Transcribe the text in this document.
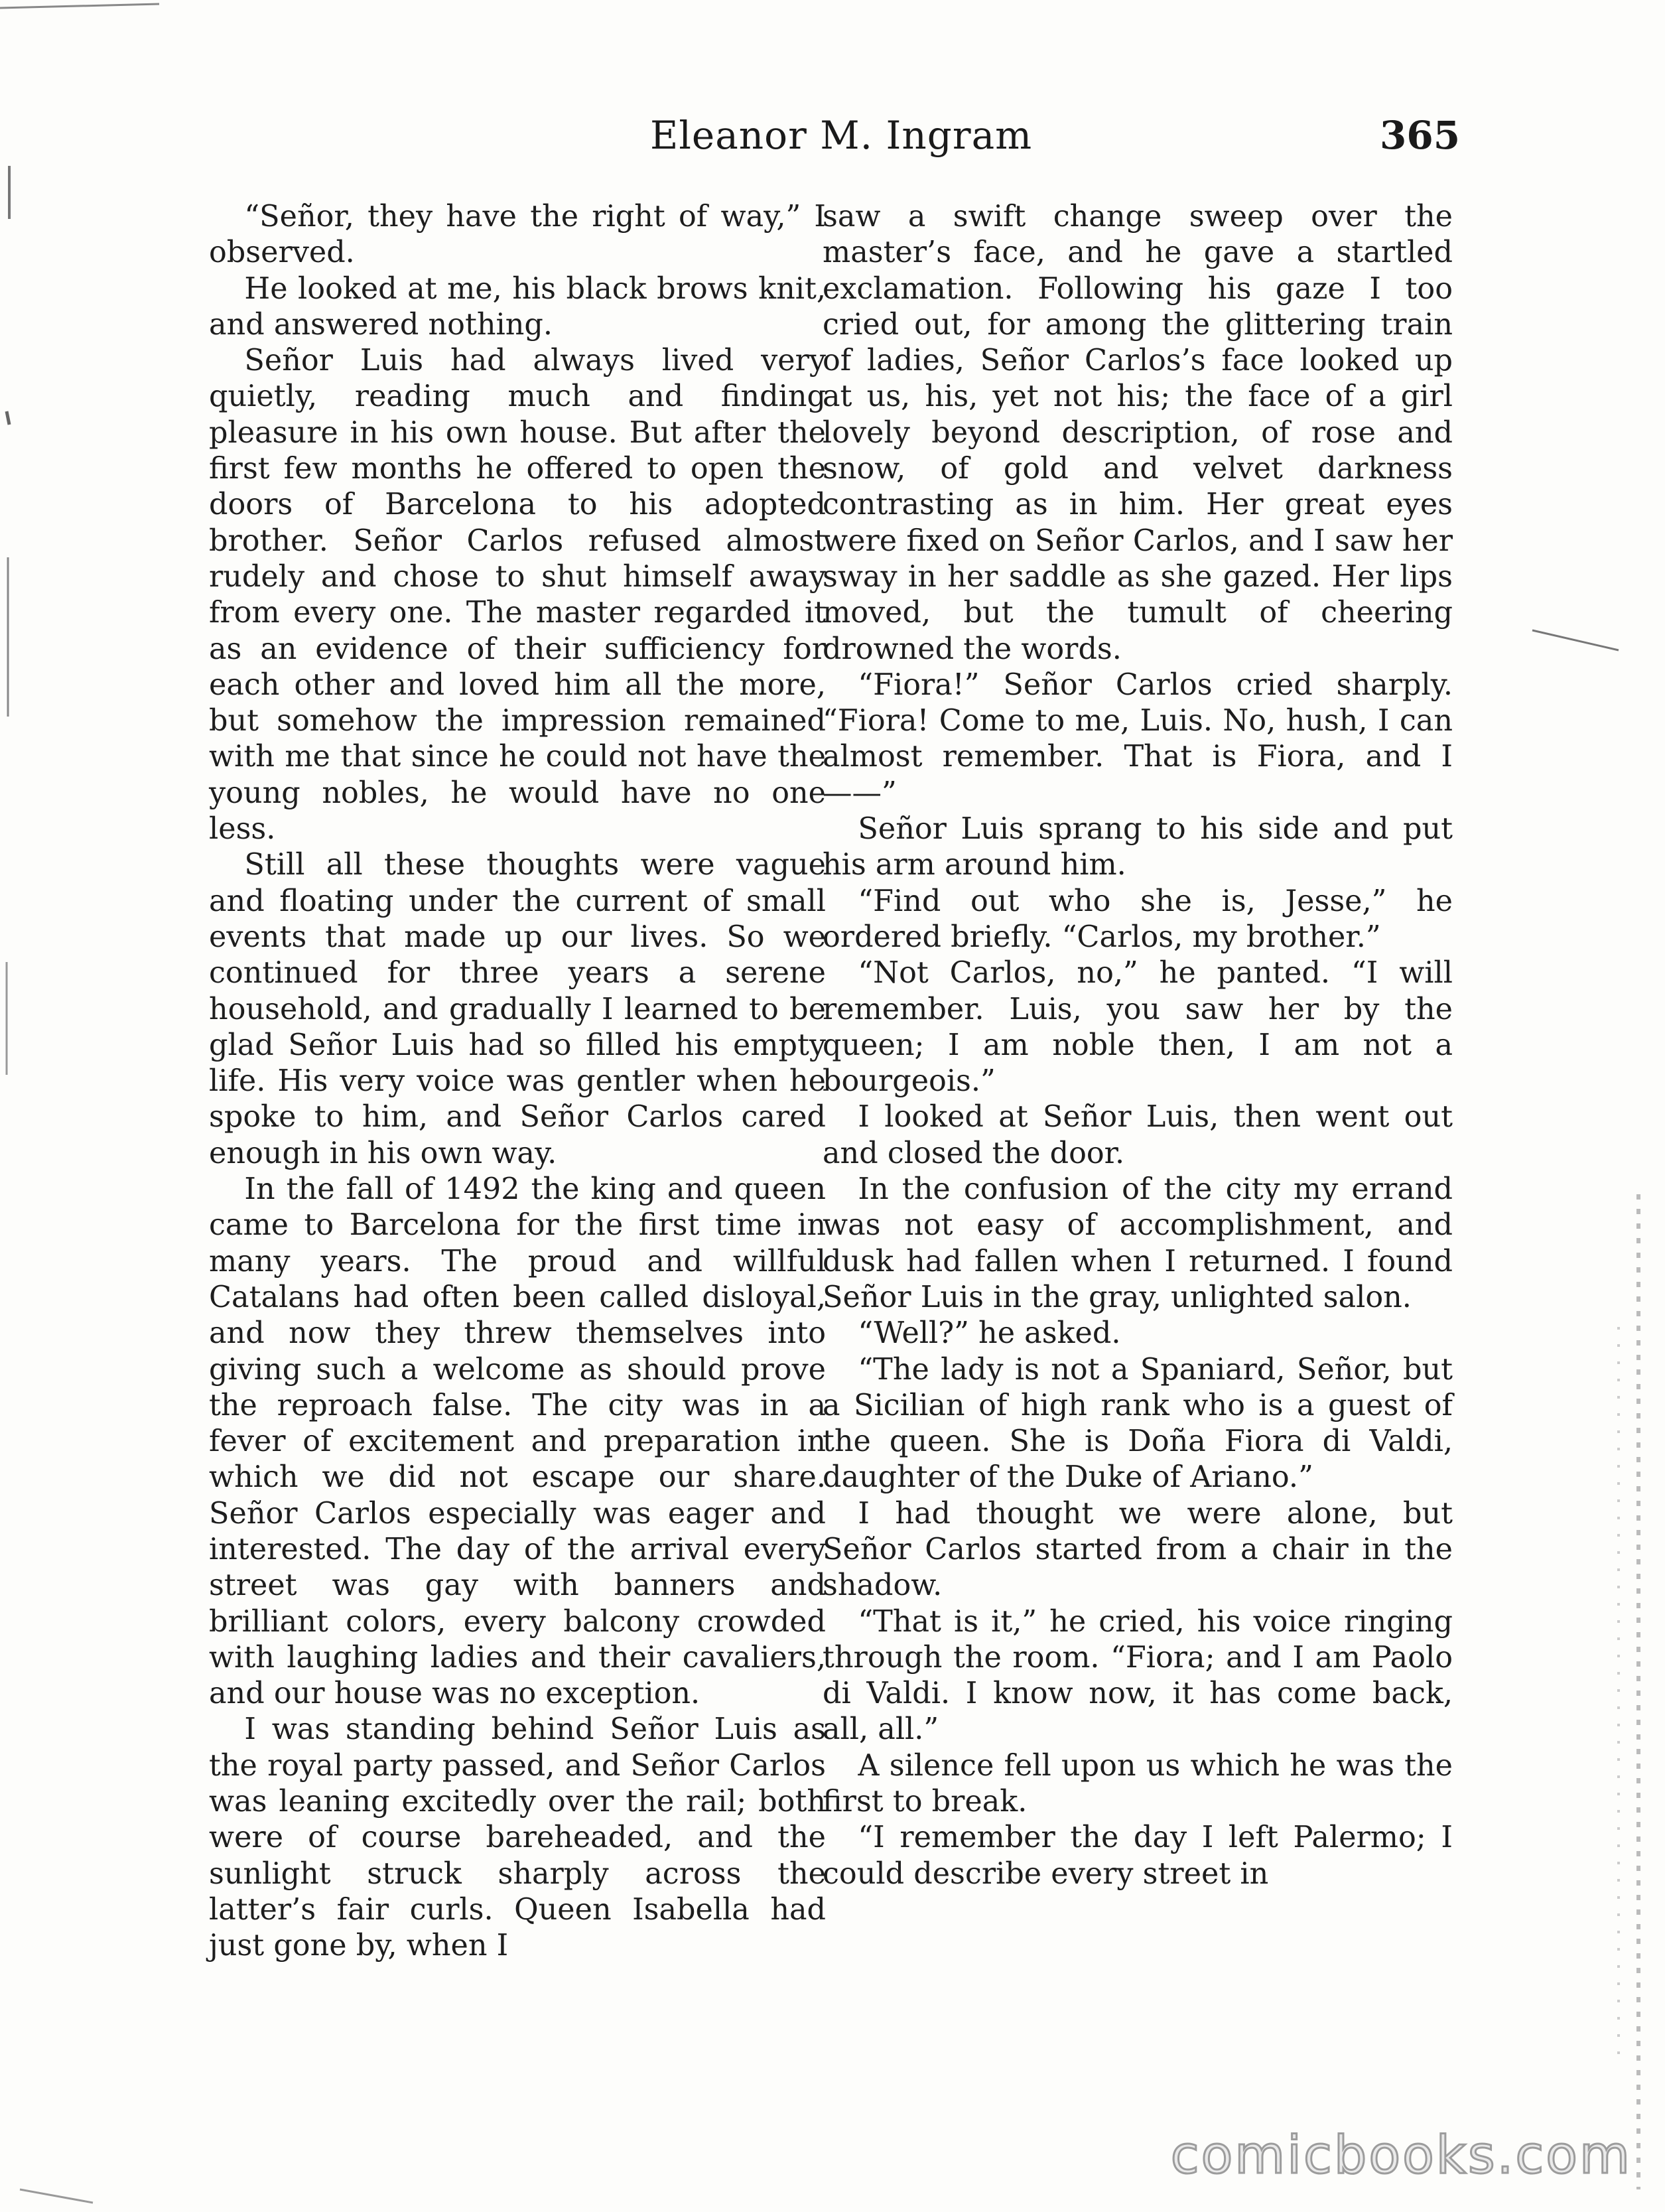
Eleanor M. Ingram	365

“Señor, they have the right of way,” I observed.

He looked at me, his black brows knit, and answered nothing.

Señor Luis had always lived very quietly, reading much and finding pleasure in his own house. But after the first few months he offered to open the doors of Barcelona to his adopted brother. Señor Carlos refused almost rudely and chose to shut himself away from every one. The master regarded it as an evidence of their sufficiency for each other and loved him all the more, but somehow the impression remained with me that since he could not have the young nobles, he would have no one less.

Still all these thoughts were vague and floating under the current of small events that made up our lives. So we continued for three years a serene household, and gradually I learned to be glad Señor Luis had so filled his empty life. His very voice was gentler when he spoke to him, and Señor Carlos cared enough in his own way.

In the fall of 1492 the king and queen came to Barcelona for the first time in many years. The proud and willful Catalans had often been called disloyal, and now they threw themselves into giving such a welcome as should prove the reproach false. The city was in a fever of excitement and preparation in which we did not escape our share. Señor Carlos especially was eager and interested. The day of the arrival every street was gay with banners and brilliant colors, every balcony crowded with laughing ladies and their cavaliers, and our house was no exception.

I was standing behind Señor Luis as the royal party passed, and Señor Carlos was leaning excitedly over the rail; both were of course bareheaded, and the sunlight struck sharply across the latter’s fair curls. Queen Isabella had just gone by, when I

saw a swift change sweep over the master’s face, and he gave a startled exclamation. Following his gaze I too cried out, for among the glittering train of ladies, Señor Carlos’s face looked up at us, his, yet not his; the face of a girl lovely beyond description, of rose and snow, of gold and velvet darkness contrasting as in him. Her great eyes were fixed on Señor Carlos, and I saw her sway in her saddle as she gazed. Her lips moved, but the tumult of cheering drowned the words.

“Fiora!” Señor Carlos cried sharply. “Fiora! Come to me, Luis. No, hush, I can almost remember. That is Fiora, and I——”

Señor Luis sprang to his side and put his arm around him.

“Find out who she is, Jesse,” he ordered briefly. “Carlos, my brother.”

“Not Carlos, no,” he panted. “I will remember. Luis, you saw her by the queen; I am noble then, I am not a bourgeois.”

I looked at Señor Luis, then went out and closed the door.

In the confusion of the city my errand was not easy of accomplishment, and dusk had fallen when I returned. I found Señor Luis in the gray, unlighted salon.

“Well?” he asked.

“The lady is not a Spaniard, Señor, but a Sicilian of high rank who is a guest of the queen. She is Doña Fiora di Valdi, daughter of the Duke of Ariano.”

I had thought we were alone, but Señor Carlos started from a chair in the shadow.

“That is it,” he cried, his voice ringing through the room. “Fiora; and I am Paolo di Valdi. I know now, it has come back, all, all.”

A silence fell upon us which he was the first to break.

“I remember the day I left Palermo; I could describe every street in

comicbooks.com
